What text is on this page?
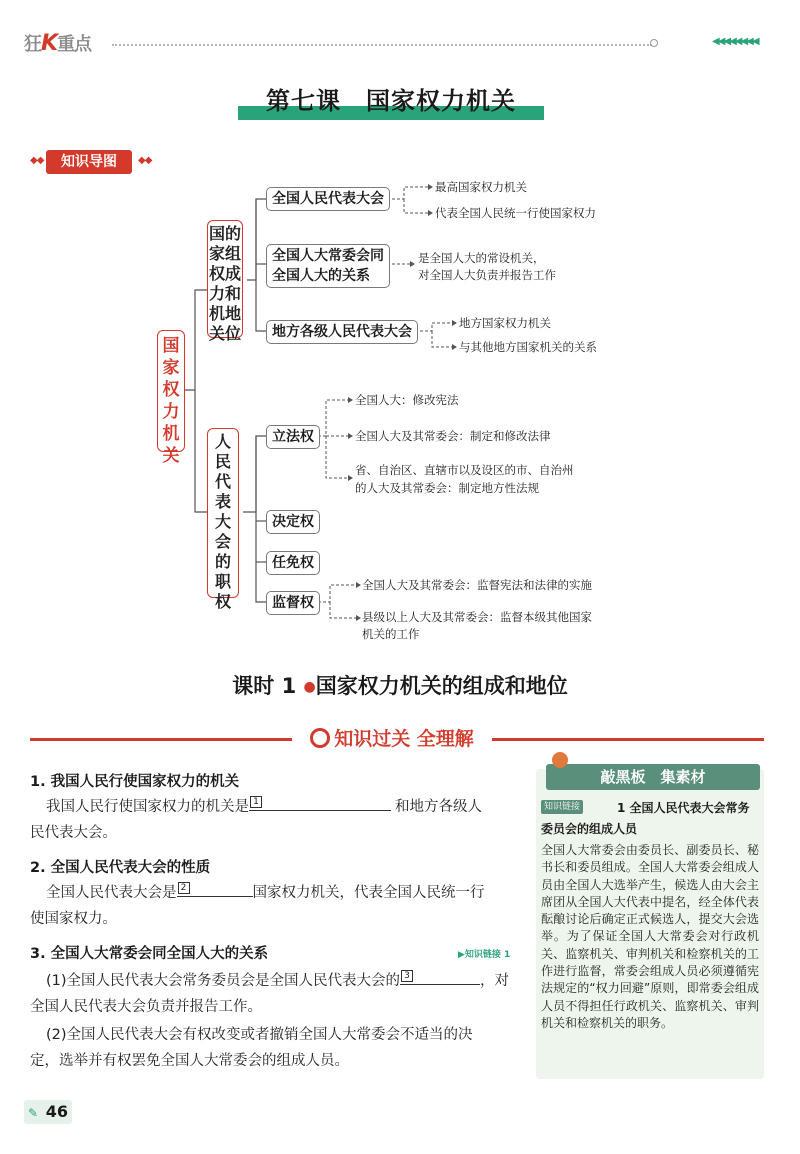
狂K重点	◀◀◀◀◀◀◀◀
第七课　国家权力机关
◆◆	知识导图	◆◆
国家权力机关
国的
家组
权成
力和
机地
关位
人
民
代
表
大
会
的
职
权
全国人民代表大会
最高国家权力机关
代表全国人民统一行使国家权力
全国人大常委会同
全国人大的关系
是全国人大的常设机关，
对全国人大负责并报告工作
地方各级人民代表大会
地方国家权力机关
与其他地方国家机关的关系
立法权
全国人大：修改宪法
全国人大及其常委会：制定和修改法律
省、自治区、直辖市以及设区的市、自治州
的人大及其常委会：制定地方性法规
决定权
任免权
监督权
全国人大及其常委会：监督宪法和法律的实施
县级以上人大及其常委会：监督本级其他国家
机关的工作
课时 1 ●国家权力机关的组成和地位
知识过关 全理解
1. 我国人民行使国家权力的机关
我国人民行使国家权力的机关是 1	和地方各级人
民代表大会。
2. 全国人民代表大会的性质
全国人民代表大会是 2	国家权力机关，代表全国人民统一行
使国家权力。
3. 全国人大常委会同全国人大的关系	▶知识链接 1
(1)全国人民代表大会常务委员会是全国人民代表大会的 3	，对
全国人民代表大会负责并报告工作。
(2)全国人民代表大会有权改变或者撤销全国人大常委会不适当的决
定，选举并有权罢免全国人大常委会的组成人员。
敲黑板　集素材
1 全国人民代表大会常务委员会的组成人员
知识链接
全国人大常委会由委员长、副委员长、秘书长和委员组成。全国人大常委会组成人员由全国人大选举产生，候选人由大会主席团从全国人大代表中提名，经全体代表酝酿讨论后确定正式候选人，提交大会选举。为了保证全国人大常委会对行政机关、监察机关、审判机关和检察机关的工作进行监督，常委会组成人员必须遵循宪法规定的“权力回避”原则，即常委会组成人员不得担任行政机关、监察机关、审判机关和检察机关的职务。
46
✎
